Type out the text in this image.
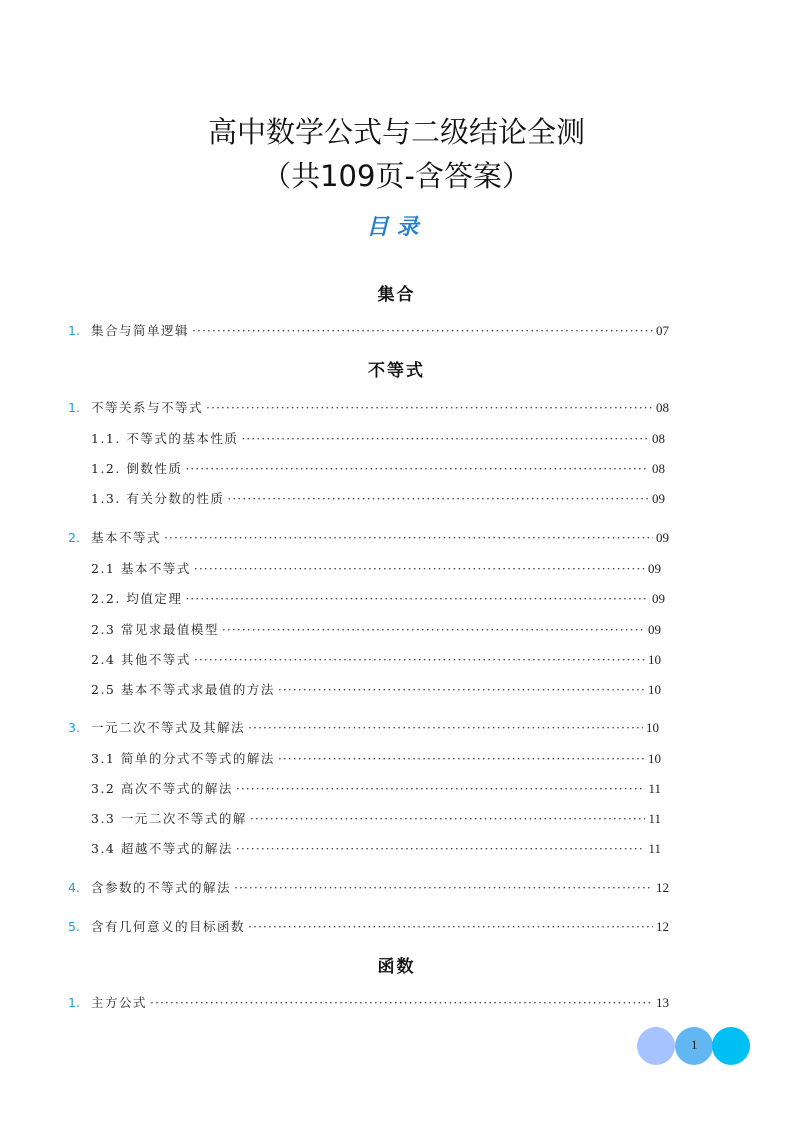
高中数学公式与二级结论全测
（共109页-含答案）
目录
集合
1. 集合与简单逻辑 ·····	07
不等式
1. 不等关系与不等式 ·····	08
1.1. 不等式的基本性质 ·····	08
1.2. 倒数性质 ·····	08
1.3. 有关分数的性质 ·····	09
2. 基本不等式 ·····	09
2.1 基本不等式 ·····	09
2.2. 均值定理 ·····	09
2.3 常见求最值模型 ·····	09
2.4 其他不等式 ·····	10
2.5 基本不等式求最值的方法 ·····	10
3. 一元二次不等式及其解法 ·····	10
3.1 简单的分式不等式的解法 ·····	10
3.2 高次不等式的解法 ·····	11
3.3 一元二次不等式的解 ·····	11
3.4 超越不等式的解法 ·····	11
4. 含参数的不等式的解法 ·····	12
5. 含有几何意义的目标函数 ·····	12
函数
1. 主方公式 ·····	13
1
